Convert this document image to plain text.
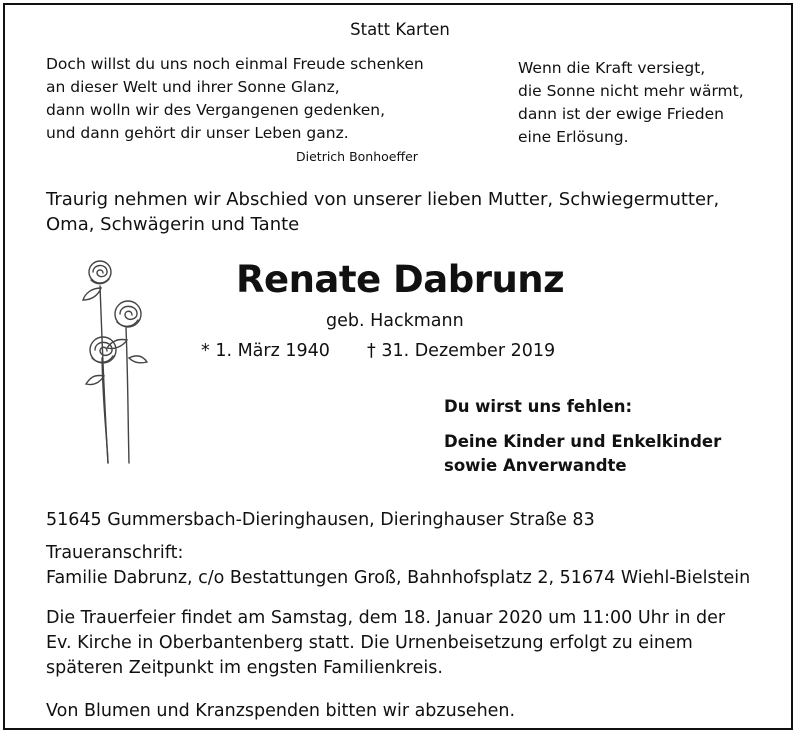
Statt Karten
Doch willst du uns noch einmal Freude schenken
an dieser Welt und ihrer Sonne Glanz,
dann wolln wir des Vergangenen gedenken,
und dann gehört dir unser Leben ganz.
Dietrich Bonhoeffer
Wenn die Kraft versiegt,
die Sonne nicht mehr wärmt,
dann ist der ewige Frieden
eine Erlösung.
Traurig nehmen wir Abschied von unserer lieben Mutter, Schwiegermutter,
Oma, Schwägerin und Tante
Renate Dabrunz
geb. Hackmann
* 1. März 1940 † 31. Dezember 2019
Du wirst uns fehlen:
Deine Kinder und Enkelkinder
sowie Anverwandte
51645 Gummersbach-Dieringhausen, Dieringhauser Straße 83
Traueranschrift:
Familie Dabrunz, c/o Bestattungen Groß, Bahnhofsplatz 2, 51674 Wiehl-Bielstein
Die Trauerfeier findet am Samstag, dem 18. Januar 2020 um 11:00 Uhr in der
Ev. Kirche in Oberbantenberg statt. Die Urnenbeisetzung erfolgt zu einem
späteren Zeitpunkt im engsten Familienkreis.
Von Blumen und Kranzspenden bitten wir abzusehen.
